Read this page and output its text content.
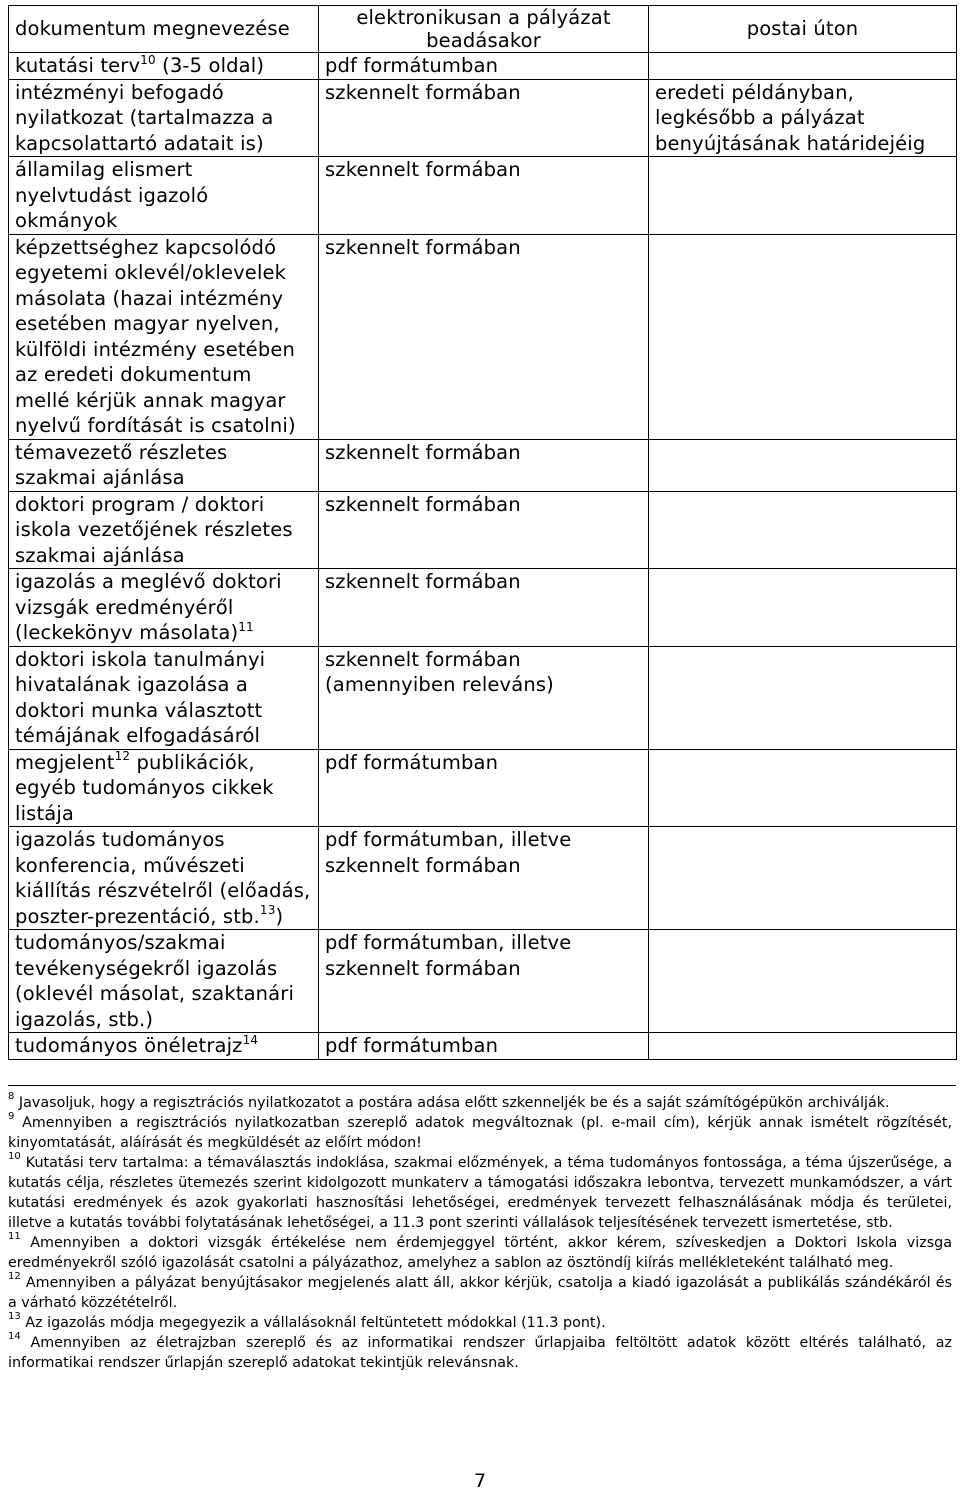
dokumentum megnevezése	elektronikusan a pályázat beadásakor	postai úton
kutatási terv$^{10}$ (3-5 oldal)	pdf formátumban	
intézményi befogadó nyilatkozat (tartalmazza a kapcsolattartó adatait is)	szkennelt formában	eredeti példányban, legkésőbb a pályázat benyújtásának határidejéig
államilag elismert nyelvtudást igazoló okmányok	szkennelt formában	
képzettséghez kapcsolódó egyetemi oklevél/oklevelek másolata (hazai intézmény esetében magyar nyelven, külföldi intézmény esetében az eredeti dokumentum mellé kérjük annak magyar nyelvű fordítását is csatolni)	szkennelt formában	
témavezető részletes szakmai ajánlása	szkennelt formában	
doktori program / doktori iskola vezetőjének részletes szakmai ajánlása	szkennelt formában	
igazolás a meglévő doktori vizsgák eredményéről (leckekönyv másolata)$^{11}$	szkennelt formában	
doktori iskola tanulmányi hivatalának igazolása a doktori munka választott témájának elfogadásáról	szkennelt formában (amennyiben releváns)	
megjelent$^{12}$ publikációk, egyéb tudományos cikkek listája	pdf formátumban	
igazolás tudományos konferencia, művészeti kiállítás részvételről (előadás, poszter-prezentáció, stb.$^{13}$)	pdf formátumban, illetve szkennelt formában	
tudományos/szakmai tevékenységekről igazolás (oklevél másolat, szaktanári igazolás, stb.)	pdf formátumban, illetve szkennelt formában	
tudományos önéletrajz$^{14}$	pdf formátumban	

$^8$ Javasoljuk, hogy a regisztrációs nyilatkozatot a postára adása előtt szkenneljék be és a saját számítógépükön archiválják.

$^9$ Amennyiben a regisztrációs nyilatkozatban szereplő adatok megváltoznak (pl. e-mail cím), kérjük annak ismételt rögzítését, kinyomtatását, aláírását és megküldését az előírt módon!

$^{10}$ Kutatási terv tartalma: a témaválasztás indoklása, szakmai előzmények, a téma tudományos fontossága, a téma újszerűsége, a kutatás célja, részletes ütemezés szerint kidolgozott munkaterv a támogatási időszakra lebontva, tervezett munkamódszer, a várt kutatási eredmények és azok gyakorlati hasznosítási lehetőségei, eredmények tervezett felhasználásának módja és területei, illetve a kutatás további folytatásának lehetőségei, a 11.3 pont szerinti vállalások teljesítésének tervezett ismertetése, stb.

$^{11}$ Amennyiben a doktori vizsgák értékelése nem érdemjeggyel történt, akkor kérem, szíveskedjen a Doktori Iskola vizsga eredményekről szóló igazolását csatolni a pályázathoz, amelyhez a sablon az ösztöndíj kiírás mellékleteként található meg.

$^{12}$ Amennyiben a pályázat benyújtásakor megjelenés alatt áll, akkor kérjük, csatolja a kiadó igazolását a publikálás szándékáról és a várható közzétételről.

$^{13}$ Az igazolás módja megegyezik a vállalásoknál feltüntetett módokkal (11.3 pont).

$^{14}$ Amennyiben az életrajzban szereplő és az informatikai rendszer űrlapjaiba feltöltött adatok között eltérés található, az informatikai rendszer űrlapján szereplő adatokat tekintjük relevánsnak.

7
